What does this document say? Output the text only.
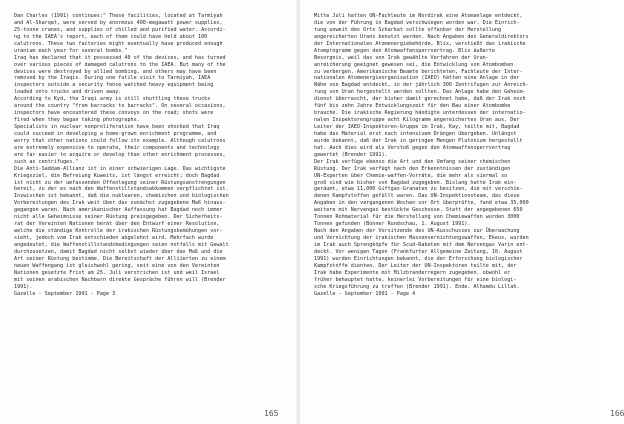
Dan Charles (1991) continues:" These facilities, located at Tarmiyah
and Al-Sharqat, were served by enormous 400-megawatt power supplies,
25-tonne cranes, and supplies of chilled and purified water. Accordi-
ng to the IAEA's report, each of them could have held about 100
calutrons. These two factories might eventually have produced enough
uranium each year for several bombs."
Iraq has declared that it possessed 40 of the devices, and has turned
over various pieces of damaged calutrons to the IAEA. But many of the
devices were destroyed by allied bombing, and others may have been
removed by the Iraqis. During one futile visit to Tarmiyah, IAEA
inspectors outside a security fence watched heavy equipment being
loaded onto trucks and driven away.
According to Kyd, the Iraqi army is still shuttling these trucks
around the country "from barracks to barracks". On several occasions,
inspectors have encountered these convoys on the road; shots were
fired when they began taking photographs.
Specialists in nuclear nonproliferation have been shocked that Iraq
could succeed in developing a home-grown enrichment programme, and
worry that other nations could follow its example. Although calutrons
are extremely expensive to operate, their components and technology
are far easier to acquire or develop than other enrichment processes,
such as centrifuges."
Die Anti-Saddam-Allianz ist in einer schwierigen Lage. Das wichtigste
Kriegsziel, die Befreiung Kuweits, ist längst erreicht; doch Bagdad
ist nicht zu der umfassenden Offenlegung seiner Rüstungsanstrengungen
bereit, zu der es nach den Waffenstillstandsabkommen verpflichtet ist.
Inzwischen ist bekannt, daß die nuklearen, chemischen und biologischen
Vorbereitungen des Irak weit über das zunächst zugegebene Maß hinaus-
gegangen waren. Nach amerikanischer Auffassung hat Bagdad noch immer
nicht alle Geheimnisse seiner Rüstung preisgegeben. Der Sicherheits-
rat der Vereinten Nationen berät über den Entwurf einer Resolution,
welche die ständige Kontrolle der irakischen Rüstungsbemühungen vor-
sieht, jedoch vom Irak entschieden abgelehnt wird. Mehrfach wurde
angedeutet, die Waffenstillstandsbedingungen seien notfalls mit Gewalt
durchzusetzen, damit Bagdad nicht selbst wieder über das Maß und die
Art seiner Rüstung bestimme. Die Bereitschaft der Alliierten zu einem
neuen Waffengang ist gleichwohl gering, seit eine von den Vereinten
Nationen gesetzte Frist am 25. Juli verstrichen ist und weil Israel
mit seinen arabischen Nachbarn direkte Gespräche führen will (Brender
1991).
Gazelle - September 1991 - Page 3
165
Mitte Juli hatten UN-Fachleute im Nordirak eine Atomanlage entdeckt,
die von der Führung in Bagdad verschwiegen worden war. Die Einrich-
tung unweit des Orts Scharkat sollte offenbar der Herstellung
angereicherten Urans benutzt werden. Nach Angaben des Generaldirektors
der Internationalen Atomenergiebehörde, Blix, verstießt das irakische
Atomprogramm gegen den Atomwaffensperrvertrag. Blix äußerte
Besorgnis, weil das von Irak gewählte Verfahren der Uran-
anreicherung geeignet gewesen sei, die Entwicklung von Atombomben
zu verbergen. Amerikanische Beamte berichteten, Fachleute der Inter-
nationalen Atomenergieorganisation (IAEO) hätten eine Anlage in der
Nähe von Bagdad entdeckt, in der jährlich 300 Zentrifugen zur Anreich-
rung von Uran hergestellt werden sollten. Das Anlage habe den Geheim-
dienst überrascht, der bisher damit gerechnet habe, daß der Irak noch
fünf bis zehn Jahre Entwicklungszeit für den Bau einer Atombombe
brauche. Die irakische Regierung händigte unterdessen der internatio-
nalen Inspektorengruppe acht Kilogramm angereichertes Uran aus. Der
Leiter der IAEO-Inspektoren-Gruppe im Irak, Kay, teilte mit, Bagdad
habe das Material erst nach intensivem Drängen übergeben. Unlängst
wurde bekannt, daß der Irak in geringen Mengen Plutonium hergestellt
hat. Auch dies wird als Verstoß gegen den Atomwaffensperrvertrag
gewertet (Brender 1991).
Der Irak verfüge ebenso die Art und den Umfang seiner chemischen
Rüstung. Der Irak verfügt nach den Erkenntnissen der zuständigen
UN-Experten über Chemie-waffen-Vorräte, die mehr als viermal so
groß sind wie bisher von Bagdad zugegeben. Bislang hatte Irak ein-
geräumt, etwa 11,000 Giftgas-Granaten zu besitzen, die mit verschie-
denen Kampfstoffen gefüllt waren. Das UN-Inspektionsteam, das diese
Angaben in den vergangenen Wochen vor Ort überprüfte, fand etwa 35,000
weitere mit Nervengas bestückte Geschosse. Statt der angegebenen 650
Tonnen Rohmaterial für die Herstellung von Chemiewaffen wurden 3000
Tonnen gefunden (Bonner Rundschau, 1. August 1991).
Nach den Angaben der Vorsitzende des UN-Ausschusses zur Überwachung
und Vernichtung der irakischen Massenvernichtungswaffen, Ekeus, wurden
im Irak auch Sprengköpfe für Scud-Raketen mit dem Nervengas Varin ent-
deckt. Vor wenigen Tagen (Frankfurter Allgemeine Zeitung, 10. August
1991) wurden Einrichtungen bekannt, die der Erforschung biologischer
Kampfstoffe dienten. Der Leiter der UN-Inspektoren teilte mit, der
Irak habe Experimente mit Milzbranderregern zugegeben, obwohl er
früher behauptet hatte, keinerlei Vorbereitungen für eine biologi-
sche Kriegsführung zu treffen (Brender 1991). Ende. Alhamdu Lillah.
Gazelle - September 1991 - Page 4
166
